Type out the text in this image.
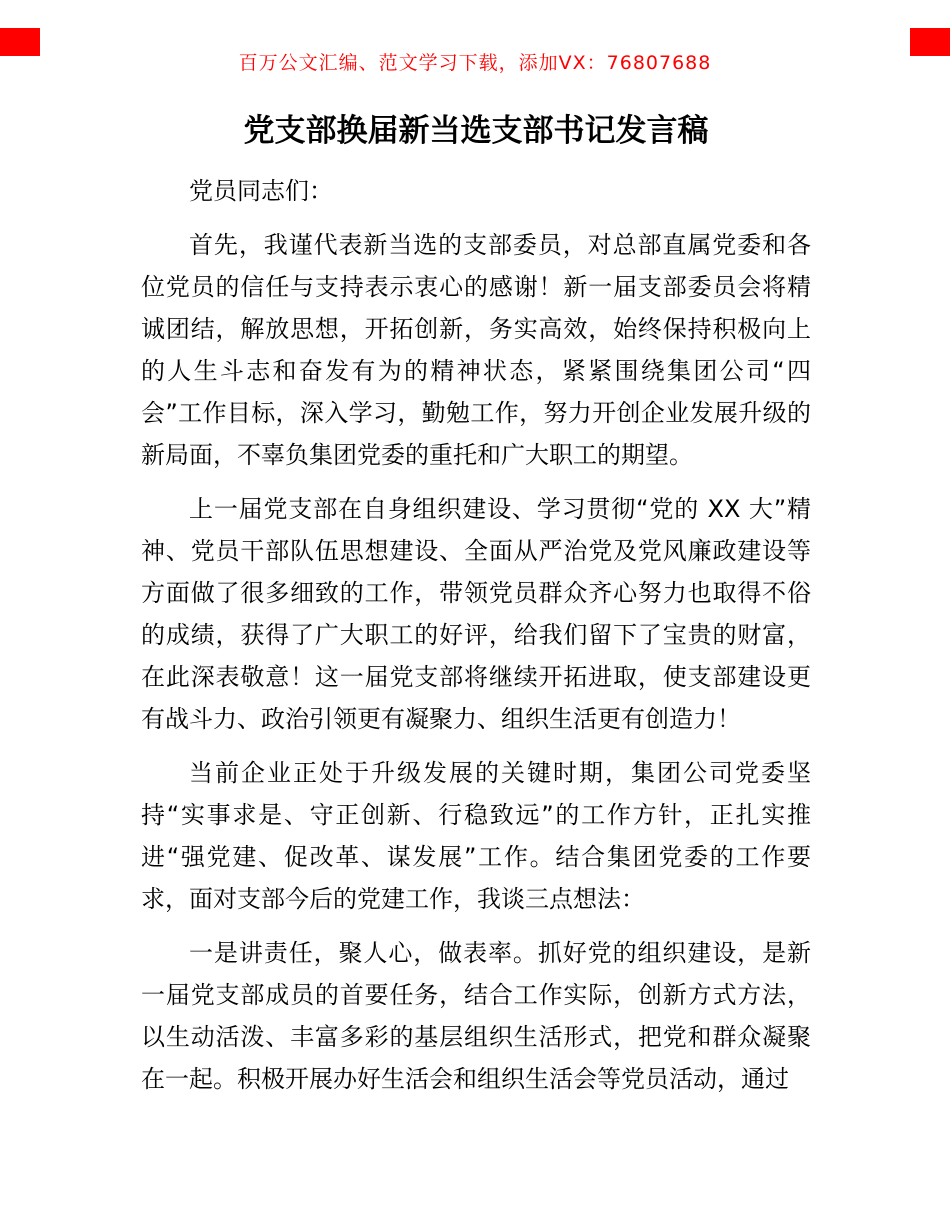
百万公文汇编、范文学习下载，添加VX：76807688
党支部换届新当选支部书记发言稿

党员同志们：

首先，我谨代表新当选的支部委员，对总部直属党委和各位党员的信任与支持表示衷心的感谢！新一届支部委员会将精诚团结，解放思想，开拓创新，务实高效，始终保持积极向上的人生斗志和奋发有为的精神状态，紧紧围绕集团公司“四会”工作目标，深入学习，勤勉工作，努力开创企业发展升级的新局面，不辜负集团党委的重托和广大职工的期望。

上一届党支部在自身组织建设、学习贯彻“党的 XX 大”精神、党员干部队伍思想建设、全面从严治党及党风廉政建设等方面做了很多细致的工作，带领党员群众齐心努力也取得不俗的成绩，获得了广大职工的好评，给我们留下了宝贵的财富，在此深表敬意！这一届党支部将继续开拓进取，使支部建设更有战斗力、政治引领更有凝聚力、组织生活更有创造力！

当前企业正处于升级发展的关键时期，集团公司党委坚持“实事求是、守正创新、行稳致远”的工作方针，正扎实推进“强党建、促改革、谋发展”工作。结合集团党委的工作要求，面对支部今后的党建工作，我谈三点想法：

一是讲责任，聚人心，做表率。抓好党的组织建设，是新一届党支部成员的首要任务，结合工作实际，创新方式方法，以生动活泼、丰富多彩的基层组织生活形式，把党和群众凝聚在一起。积极开展办好生活会和组织生活会等党员活动，通过
